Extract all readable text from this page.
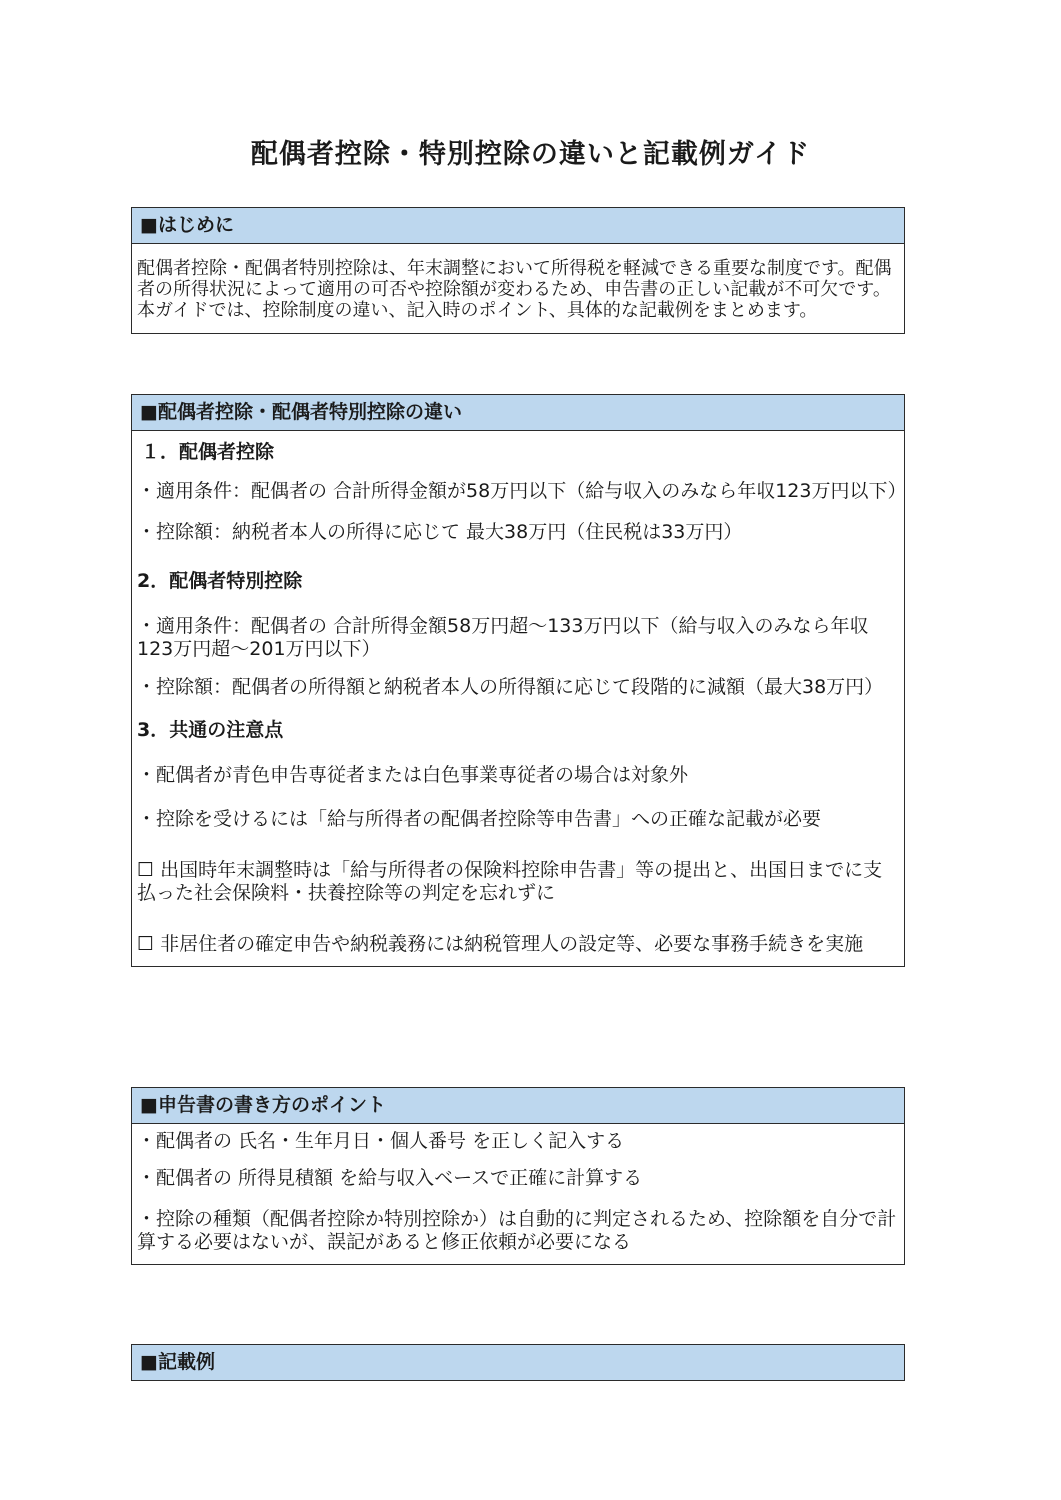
配偶者控除・特別控除の違いと記載例ガイド
■はじめに

配偶者控除・配偶者特別控除は、年末調整において所得税を軽減できる重要な制度です。配偶者の所得状況によって適用の可否や控除額が変わるため、申告書の正しい記載が不可欠です。本ガイドでは、控除制度の違い、記入時のポイント、具体的な記載例をまとめます。

■配偶者控除・配偶者特別控除の違い

１．配偶者控除

・適用条件：配偶者の 合計所得金額が58万円以下（給与収入のみなら年収123万円以下）

・控除額：納税者本人の所得に応じて 最大38万円（住民税は33万円）

2．配偶者特別控除

・適用条件：配偶者の 合計所得金額58万円超～133万円以下（給与収入のみなら年収123万円超～201万円以下）

・控除額：配偶者の所得額と納税者本人の所得額に応じて段階的に減額（最大38万円）

3．共通の注意点

・配偶者が青色申告専従者または白色事業専従者の場合は対象外

・控除を受けるには「給与所得者の配偶者控除等申告書」への正確な記載が必要

☐ 出国時年末調整時は「給与所得者の保険料控除申告書」等の提出と、出国日までに支払った社会保険料・扶養控除等の判定を忘れずに

☐ 非居住者の確定申告や納税義務には納税管理人の設定等、必要な事務手続きを実施

■申告書の書き方のポイント

・配偶者の 氏名・生年月日・個人番号 を正しく記入する

・配偶者の 所得見積額 を給与収入ベースで正確に計算する

・控除の種類（配偶者控除か特別控除か）は自動的に判定されるため、控除額を自分で計算する必要はないが、誤記があると修正依頼が必要になる

■記載例
